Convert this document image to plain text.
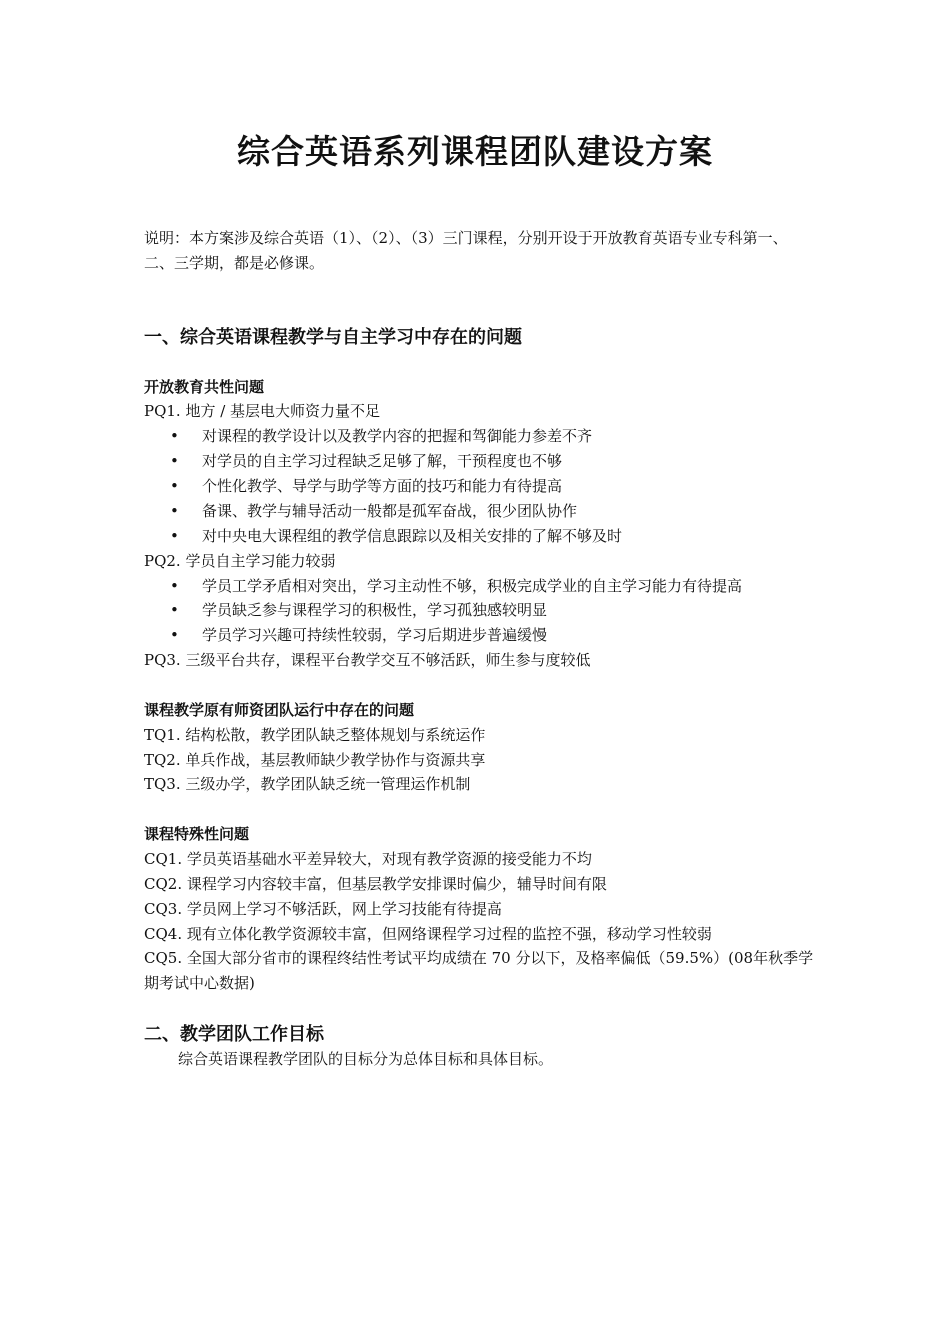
综合英语系列课程团队建设方案

说明：本方案涉及综合英语（1）、（2）、（3）三门课程，分别开设于开放教育英语专业专科第一、二、三学期，都是必修课。

一、综合英语课程教学与自主学习中存在的问题
开放教育共性问题

PQ1. 地方 / 基层电大师资力量不足

• 对课程的教学设计以及教学内容的把握和驾御能力参差不齐
• 对学员的自主学习过程缺乏足够了解，干预程度也不够
• 个性化教学、导学与助学等方面的技巧和能力有待提高
• 备课、教学与辅导活动一般都是孤军奋战，很少团队协作
• 对中央电大课程组的教学信息跟踪以及相关安排的了解不够及时

PQ2. 学员自主学习能力较弱

• 学员工学矛盾相对突出，学习主动性不够，积极完成学业的自主学习能力有待提高
• 学员缺乏参与课程学习的积极性，学习孤独感较明显
• 学员学习兴趣可持续性较弱，学习后期进步普遍缓慢

PQ3. 三级平台共存，课程平台教学交互不够活跃，师生参与度较低

课程教学原有师资团队运行中存在的问题

TQ1. 结构松散，教学团队缺乏整体规划与系统运作

TQ2. 单兵作战，基层教师缺少教学协作与资源共享

TQ3. 三级办学，教学团队缺乏统一管理运作机制

课程特殊性问题

CQ1. 学员英语基础水平差异较大，对现有教学资源的接受能力不均

CQ2. 课程学习内容较丰富，但基层教学安排课时偏少，辅导时间有限

CQ3. 学员网上学习不够活跃，网上学习技能有待提高

CQ4. 现有立体化教学资源较丰富，但网络课程学习过程的监控不强，移动学习性较弱

CQ5. 全国大部分省市的课程终结性考试平均成绩在 70 分以下，及格率偏低（59.5%）(08年秋季学期考试中心数据)

二、教学团队工作目标

综合英语课程教学团队的目标分为总体目标和具体目标。
